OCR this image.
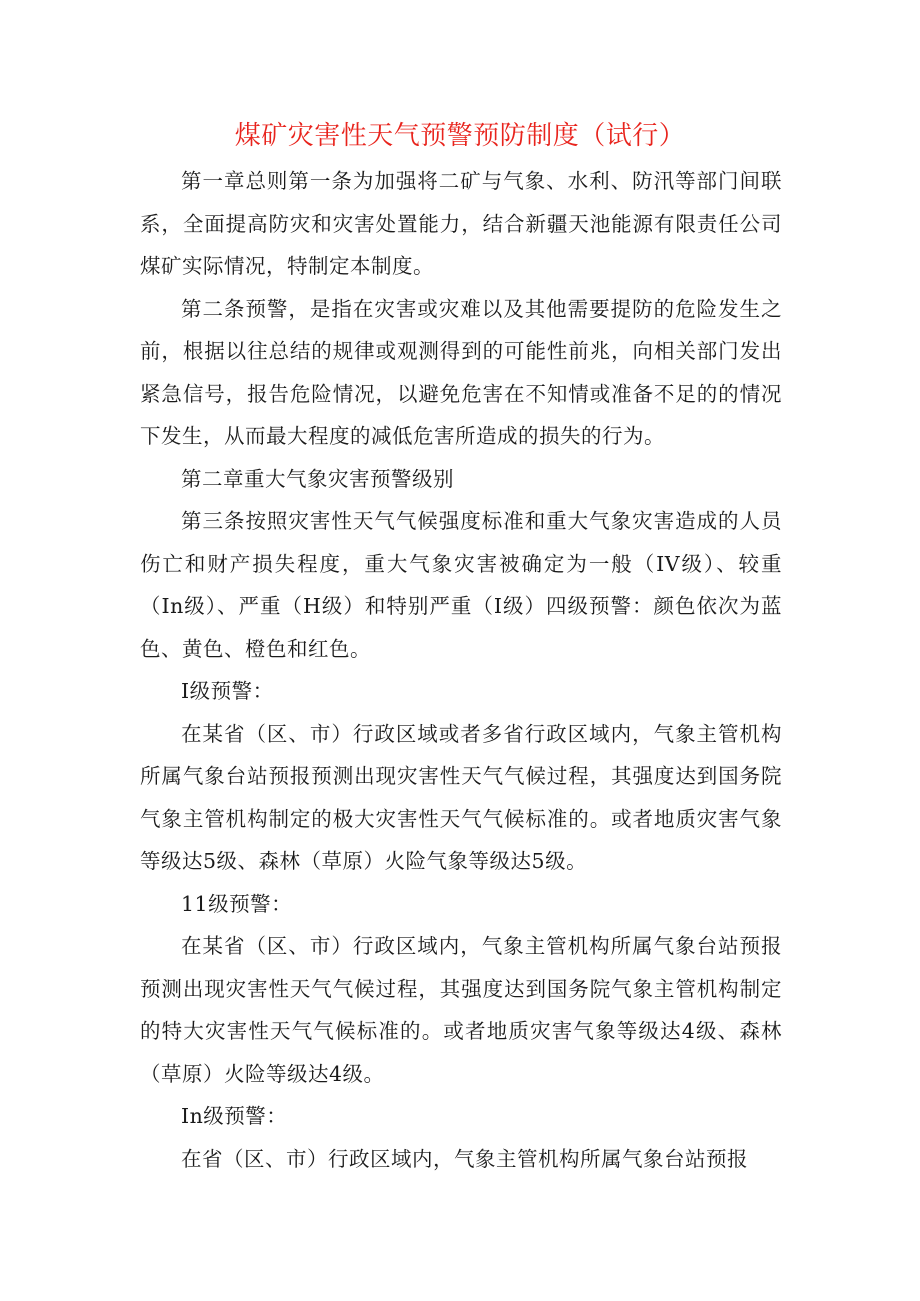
煤矿灾害性天气预警预防制度（试行）

第一章总则第一条为加强将二矿与气象、水利、防汛等部门间联系，全面提高防灾和灾害处置能力，结合新疆天池能源有限责任公司煤矿实际情况，特制定本制度。

第二条预警，是指在灾害或灾难以及其他需要提防的危险发生之前，根据以往总结的规律或观测得到的可能性前兆，向相关部门发出紧急信号，报告危险情况，以避免危害在不知情或准备不足的的情况下发生，从而最大程度的减低危害所造成的损失的行为。

第二章重大气象灾害预警级别

第三条按照灾害性天气气候强度标准和重大气象灾害造成的人员伤亡和财产损失程度，重大气象灾害被确定为一般（IV级）、较重（In级）、严重（H级）和特别严重（I级）四级预警：颜色依次为蓝色、黄色、橙色和红色。

I级预警：

在某省（区、市）行政区域或者多省行政区域内，气象主管机构所属气象台站预报预测出现灾害性天气气候过程，其强度达到国务院气象主管机构制定的极大灾害性天气气候标准的。或者地质灾害气象等级达5级、森林（草原）火险气象等级达5级。

11级预警：

在某省（区、市）行政区域内，气象主管机构所属气象台站预报预测出现灾害性天气气候过程，其强度达到国务院气象主管机构制定的特大灾害性天气气候标准的。或者地质灾害气象等级达4级、森林（草原）火险等级达4级。

In级预警：

在省（区、市）行政区域内，气象主管机构所属气象台站预报
